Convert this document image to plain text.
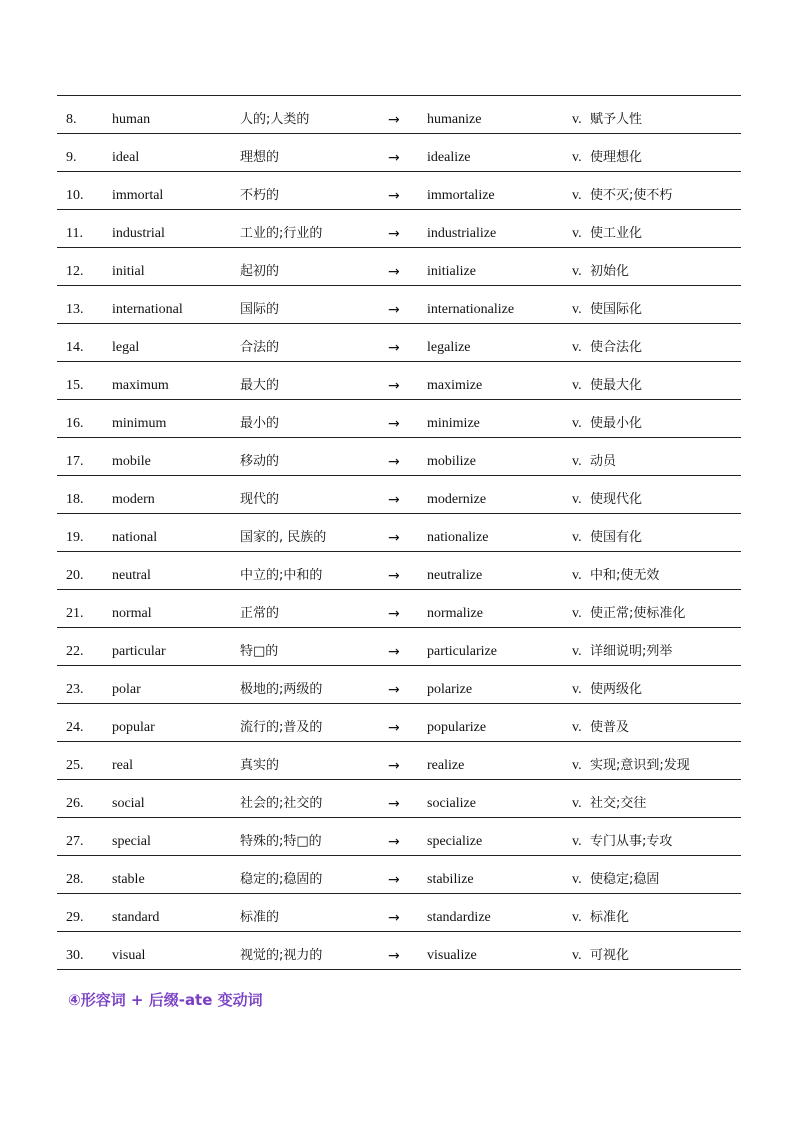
8.	human	人的;人类的	→ humanize	v. 赋予人性
9.	ideal	理想的	→ idealize	v. 使理想化
10. immortal	不朽的	→ immortalize	v. 使不灭;使不朽
11. industrial	工业的;行业的	→ industrialize	v. 使工业化
12. initial	起初的	→ initialize	v. 初始化
13. international	国际的	→ internationalize	v. 使国际化
14. legal	合法的	→ legalize	v. 使合法化
15. maximum	最大的	→ maximize	v. 使最大化
16. minimum	最小的	→ minimize	v. 使最小化
17. mobile	移动的	→ mobilize	v. 动员
18. modern	现代的	→ modernize	v. 使现代化
19. national	国家的, 民族的	→ nationalize	v. 使国有化
20. neutral	中立的;中和的	→ neutralize	v. 中和;使无效
21. normal	正常的	→ normalize	v. 使正常;使标准化
22. particular	特□的	→ particularize	v. 详细说明;列举
23. polar	极地的;两级的	→ polarize	v. 使两级化
24. popular	流行的;普及的	→ popularize	v. 使普及
25. real	真实的	→ realize	v. 实现;意识到;发现
26. social	社会的;社交的	→ socialize	v. 社交;交往
27. special	特殊的;特□的	→ specialize	v. 专门从事;专攻
28. stable	稳定的;稳固的	→ stabilize	v. 使稳定;稳固
29. standard	标准的	→ standardize	v. 标准化
30. visual	视觉的;视力的	→ visualize	v. 可视化
④形容词 + 后缀-ate 变动词
